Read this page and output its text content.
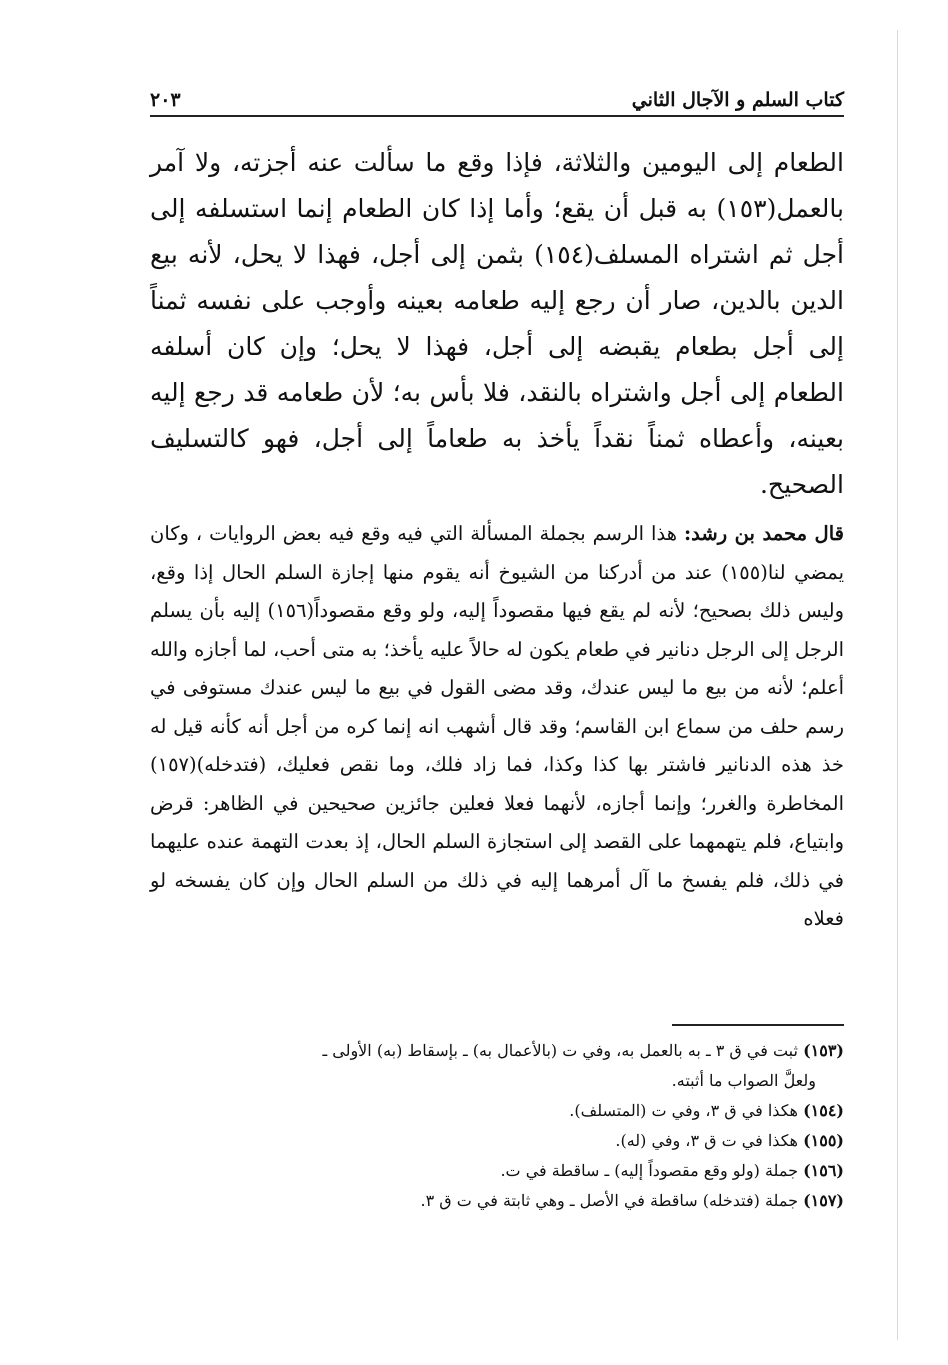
كتاب السلم و الآجال الثاني
٢٠٣

الطعام إلى اليومين والثلاثة، فإذا وقع ما سألت عنه أجزته، ولا آمر بالعمل(١٥٣) به قبل أن يقع؛ وأما إذا كان الطعام إنما استسلفه إلى أجل ثم اشتراه المسلف(١٥٤) بثمن إلى أجل، فهذا لا يحل، لأنه بيع الدين بالدين، صار أن رجع إليه طعامه بعينه وأوجب على نفسه ثمناً إلى أجل بطعام يقبضه إلى أجل، فهذا لا يحل؛ وإن كان أسلفه الطعام إلى أجل واشتراه بالنقد، فلا بأس به؛ لأن طعامه قد رجع إليه بعينه، وأعطاه ثمناً نقداً يأخذ به طعاماً إلى أجل، فهو كالتسليف الصحيح.

قال محمد بن رشد: هذا الرسم بجملة المسألة التي فيه وقع فيه بعض الروايات ، وكان يمضي لنا(١٥٥) عند من أدركنا من الشيوخ أنه يقوم منها إجازة السلم الحال إذا وقع، وليس ذلك بصحيح؛ لأنه لم يقع فيها مقصوداً إليه، ولو وقع مقصوداً(١٥٦) إليه بأن يسلم الرجل إلى الرجل دنانير في طعام يكون له حالاً عليه يأخذ؛ به متى أحب، لما أجازه والله أعلم؛ لأنه من بيع ما ليس عندك، وقد مضى القول في بيع ما ليس عندك مستوفى في رسم حلف من سماع ابن القاسم؛ وقد قال أشهب انه إنما كره من أجل أنه كأنه قيل له خذ هذه الدنانير فاشتر بها كذا وكذا، فما زاد فلك، وما نقص فعليك، (فتدخله)(١٥٧) المخاطرة والغرر؛ وإنما أجازه، لأنهما فعلا فعلين جائزين صحيحين في الظاهر: قرض وابتياع، فلم يتهمهما على القصد إلى استجازة السلم الحال، إذ بعدت التهمة عنده عليهما في ذلك، فلم يفسخ ما آل أمرهما إليه في ذلك من السلم الحال وإن كان يفسخه لو فعلاه

(١٥٣) ثبت في ق ٣ ـ به بالعمل به، وفي ت (بالأعمال به) ـ بإسقاط (به) الأولى ـ
ولعلَّ الصواب ما أثبته.
(١٥٤) هكذا في ق ٣، وفي ت (المتسلف).
(١٥٥) هكذا في ت ق ٣، وفي (له).
(١٥٦) جملة (ولو وقع مقصوداً إليه) ـ ساقطة في ت.
(١٥٧) جملة (فتدخله) ساقطة في الأصل ـ وهي ثابتة في ت ق ٣.
